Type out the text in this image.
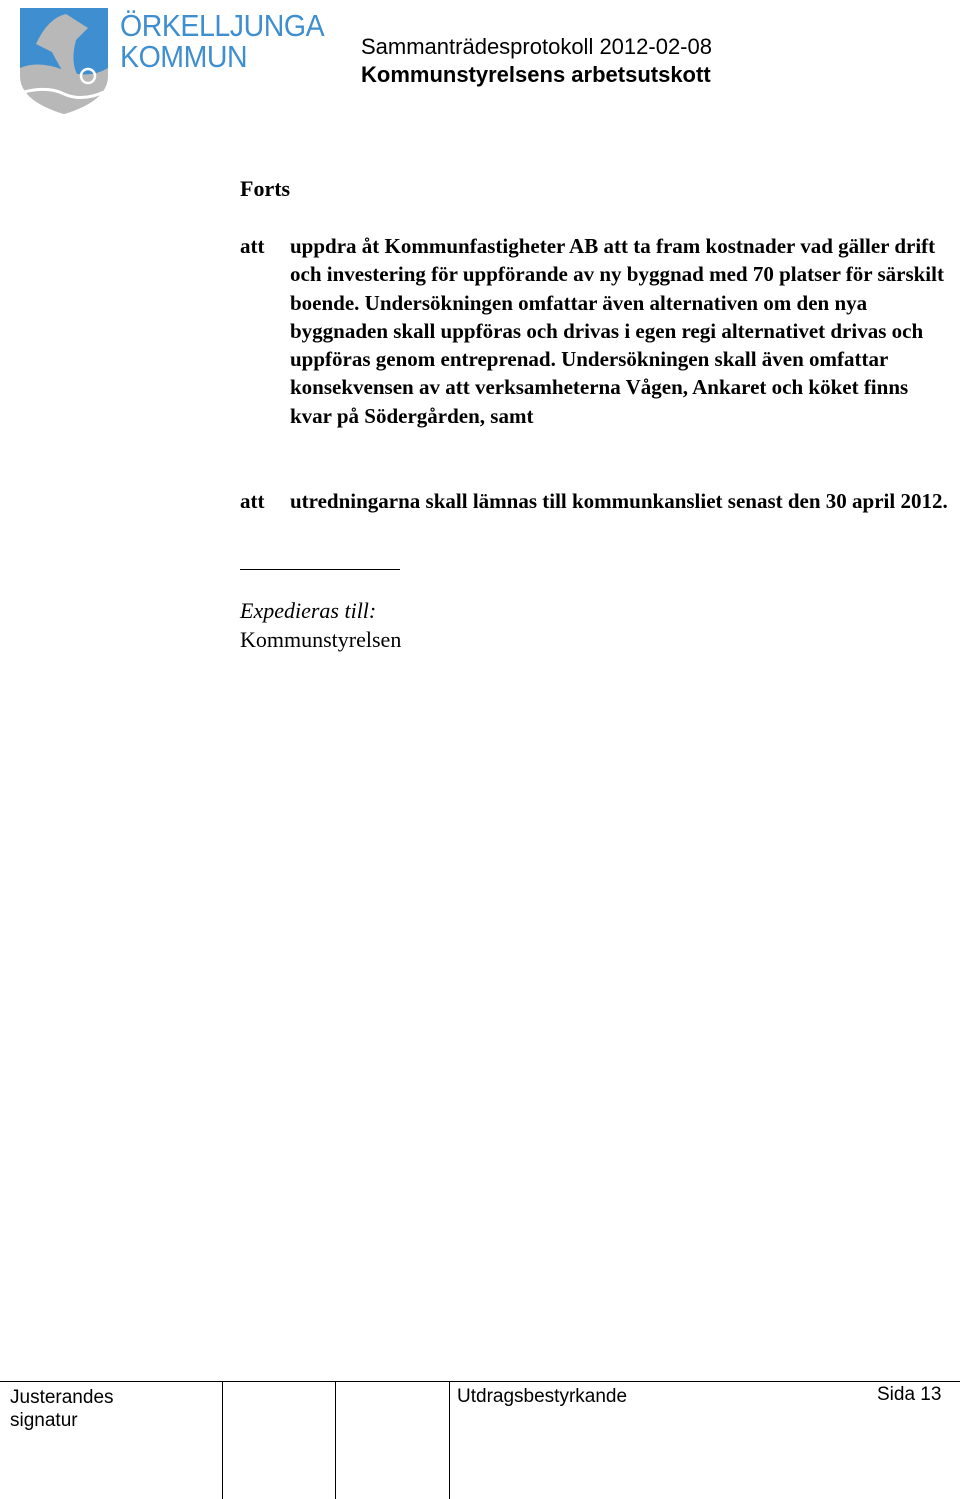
ÖRKELLJUNGA
KOMMUN	Sammanträdesprotokoll 2012-02-08
Kommunstyrelsens arbetsutskott
Forts
att uppdra åt Kommunfastigheter AB att ta fram kostnader vad gäller drift och investering för uppförande av ny byggnad med 70 platser för särskilt boende. Undersökningen omfattar även alternativen om den nya byggnaden skall uppföras och drivas i egen regi alternativet drivas och uppföras genom entreprenad. Undersökningen skall även omfattar konsekvensen av att verksamheterna Vågen, Ankaret och köket finns kvar på Södergården, samt
att utredningarna skall lämnas till kommunkansliet senast den 30 april 2012.
Expedieras till:
Kommunstyrelsen
Justerandes signatur
Utdragsbestyrkande	Sida 13
